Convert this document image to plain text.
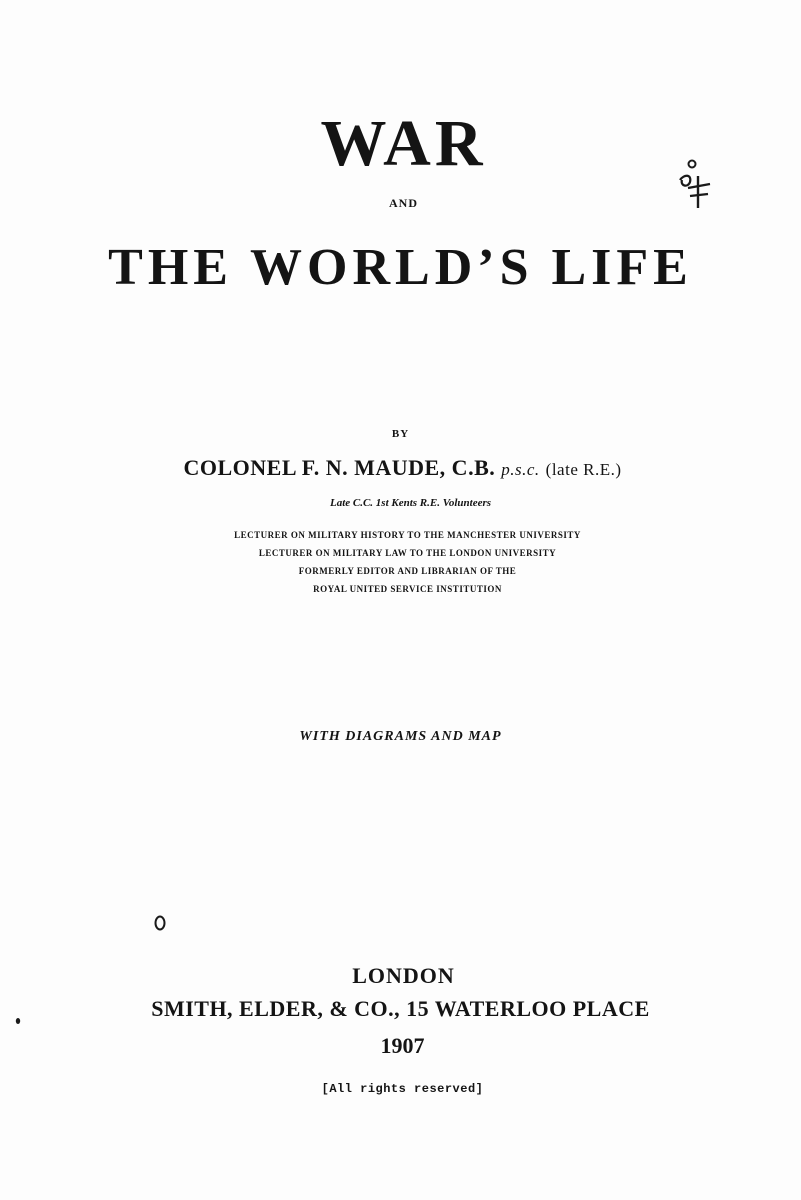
WAR
AND
THE WORLD’S LIFE
BY
COLONEL F. N. MAUDE, C.B. p.s.c. (late R.E.)
Late C.C. 1st Kents R.E. Volunteers
LECTURER ON MILITARY HISTORY TO THE MANCHESTER UNIVERSITY
LECTURER ON MILITARY LAW TO THE LONDON UNIVERSITY
FORMERLY EDITOR AND LIBRARIAN OF THE
ROYAL UNITED SERVICE INSTITUTION
WITH DIAGRAMS AND MAP
LONDON
SMITH, ELDER, & CO., 15 WATERLOO PLACE
1907
[All rights reserved]
